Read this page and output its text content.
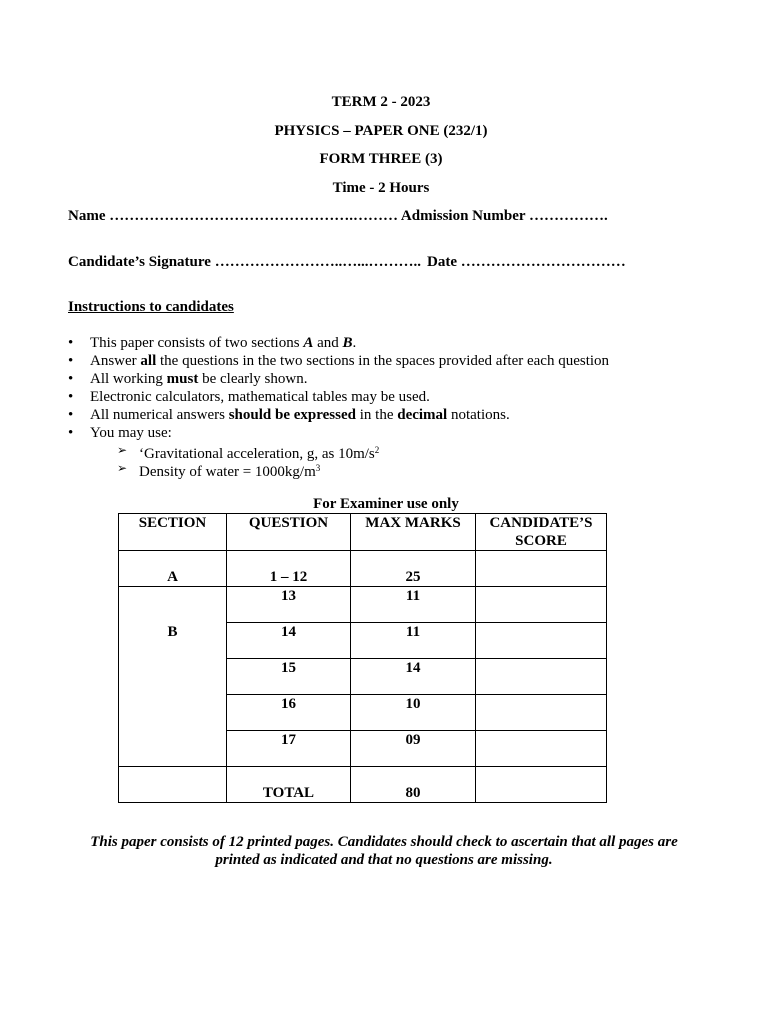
TERM 2 - 2023
PHYSICS – PAPER ONE (232/1)
FORM THREE (3)
Time - 2 Hours
Name ………………………………………….……… Admission Number …………….
Candidate’s Signature ……………………..…...……….. Date ……………………………
Instructions to candidates
• This paper consists of two sections A and B.
• Answer all the questions in the two sections in the spaces provided after each question
• All working must be clearly shown.
• Electronic calculators, mathematical tables may be used.
• All numerical answers should be expressed in the decimal notations.
• You may use:
➢ ‘Gravitational acceleration, g, as $10m/s^2$
➢ Density of water = $1000kg/m^3$
For Examiner use only
SECTION	QUESTION	MAX MARKS	CANDIDATE’S SCORE
A	1 – 12	25	

B	13	11	
	14	11	
	15	14	
	16	10	
	17	09	
	TOTAL	80	
This paper consists of 12 printed pages. Candidates should check to ascertain that all pages are printed as indicated and that no questions are missing.
